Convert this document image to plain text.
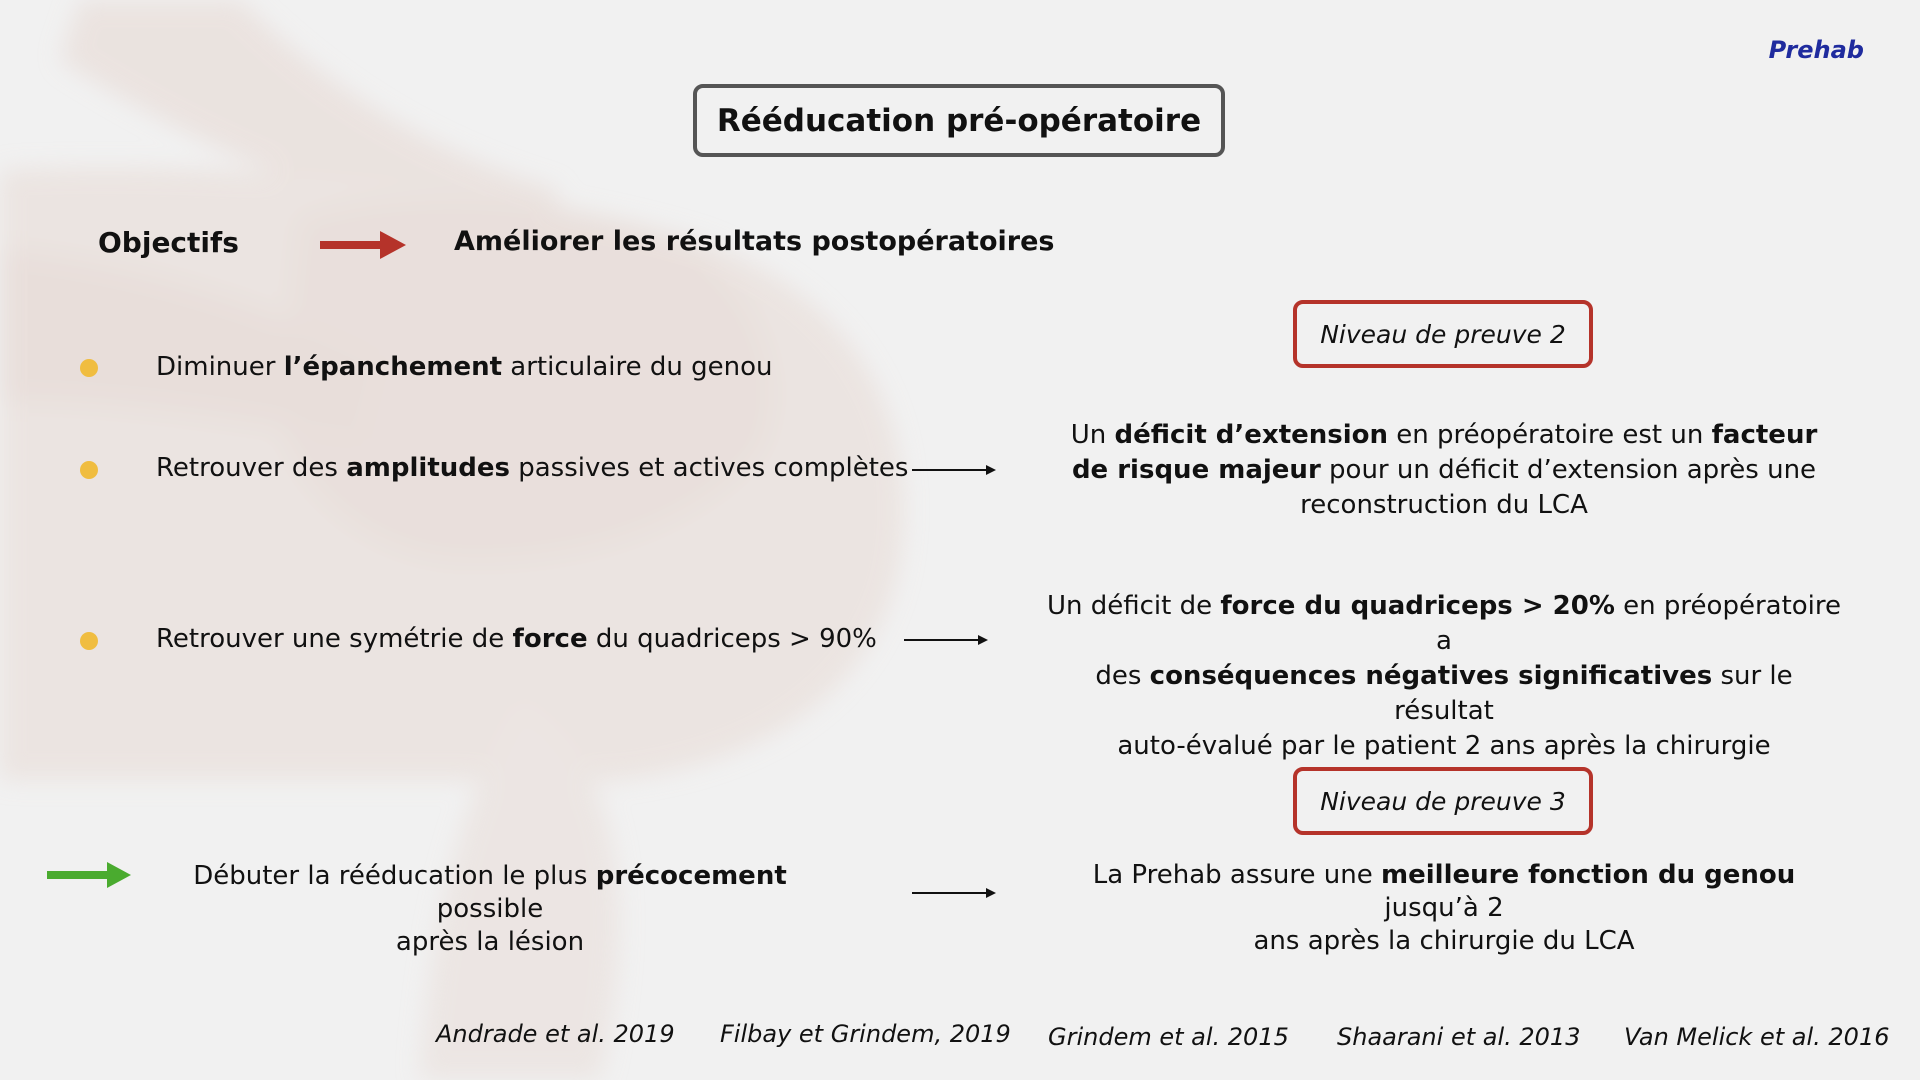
Prehab
Rééducation pré-opératoire
Objectifs	Améliorer les résultats postopératoires
Diminuer l’épanchement articulaire du genou
Retrouver des amplitudes passives et actives complètes
Retrouver une symétrie de force du quadriceps > 90%
Débuter la rééducation le plus précocement possible
après la lésion
Niveau de preuve 2
Niveau de preuve 3
Un déficit d’extension en préopératoire est un facteur
de risque majeur pour un déficit d’extension après une
reconstruction du LCA
Un déficit de force du quadriceps > 20% en préopératoire a
des conséquences négatives significatives sur le résultat
auto-évalué par le patient 2 ans après la chirurgie
La Prehab assure une meilleure fonction du genou jusqu’à 2
ans après la chirurgie du LCA
Andrade et al. 2019 Filbay et Grindem, 2019 Grindem et al. 2015 Shaarani et al. 2013 Van Melick et al. 2016
